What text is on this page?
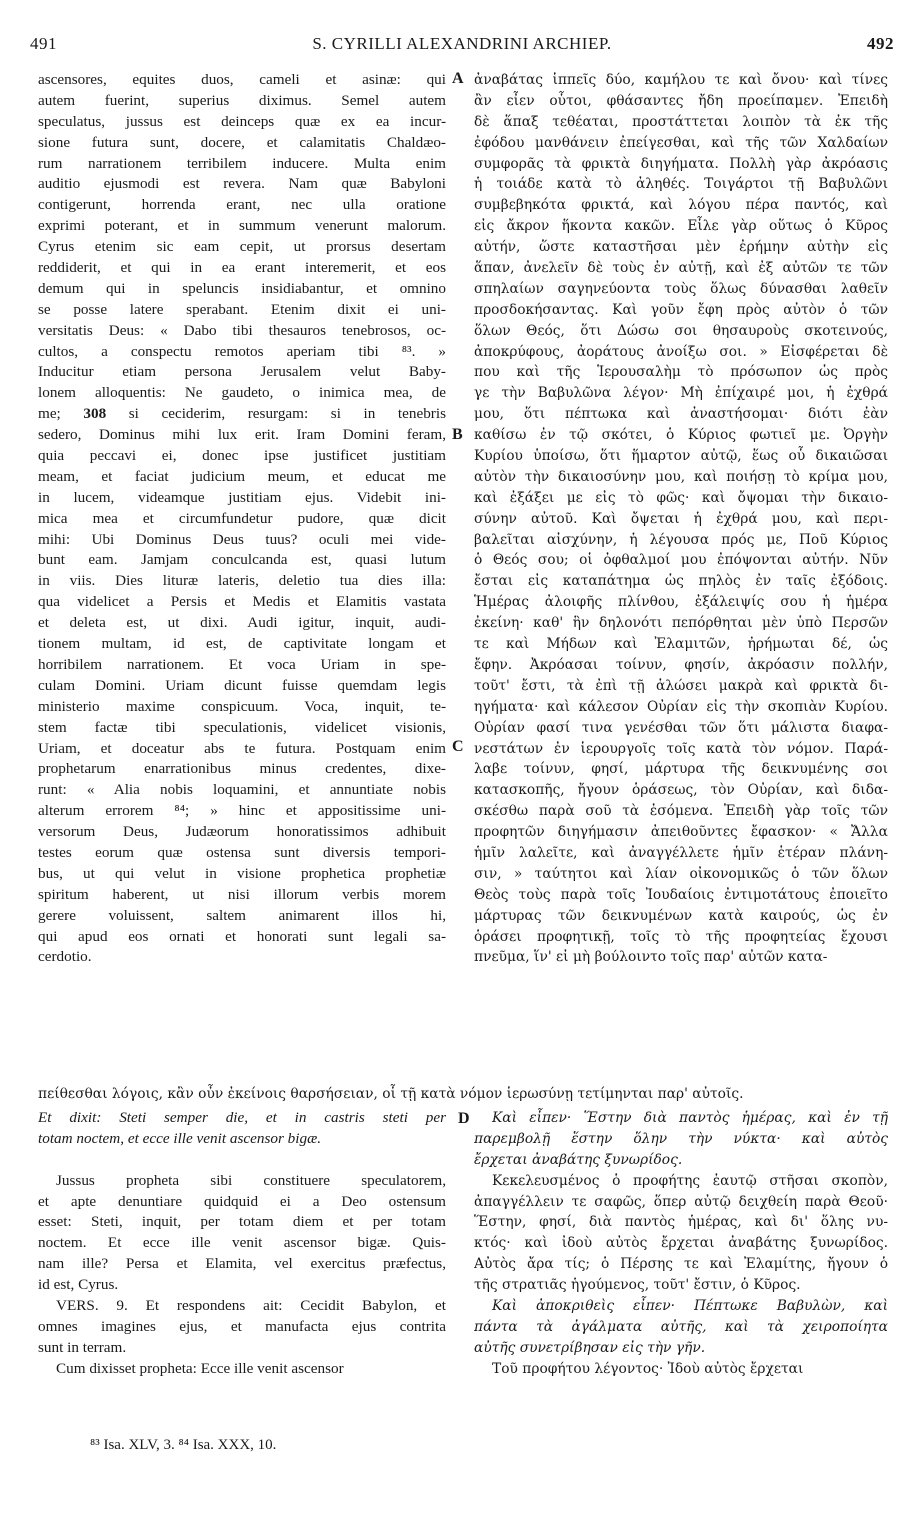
491	S. CYRILLI ALEXANDRINI ARCHIEP.	492
ascensores, equites duos, cameli et asinæ: qui
autem fuerint, superius diximus. Semel autem
speculatus, jussus est deinceps quæ ex ea incur-
sione futura sunt, docere, et calamitatis Chaldæo-
rum narrationem terribilem inducere. Multa enim
auditio ejusmodi est revera. Nam quæ Babyloni
contigerunt, horrenda erant, nec ulla oratione
exprimi poterant, et in summum venerunt malorum.
Cyrus etenim sic eam cepit, ut prorsus desertam
reddiderit, et qui in ea erant interemerit, et eos
demum qui in speluncis insidiabantur, et omnino
se posse latere sperabant. Etenim dixit ei uni-
versitatis Deus: « Dabo tibi thesauros tenebrosos, oc-
cultos, a conspectu remotos aperiam tibi ⁸³. »
Inducitur etiam persona Jerusalem velut Baby-
lonem alloquentis: Ne gaudeto, o inimica mea, de
me; 308 si ceciderim, resurgam: si in tenebris
sedero, Dominus mihi lux erit. Iram Domini feram,
quia peccavi ei, donec ipse justificet justitiam
meam, et faciat judicium meum, et educat me
in lucem, videamque justitiam ejus. Videbit ini-
mica mea et circumfundetur pudore, quæ dicit
mihi: Ubi Dominus Deus tuus? oculi mei vide-
bunt eam. Jamjam conculcanda est, quasi lutum
in viis. Dies lituræ lateris, deletio tua dies illa:
qua videlicet a Persis et Medis et Elamitis vastata
et deleta est, ut dixi. Audi igitur, inquit, audi-
tionem multam, id est, de captivitate longam et
horribilem narrationem. Et voca Uriam in spe-
culam Domini. Uriam dicunt fuisse quemdam legis
ministerio maxime conspicuum. Voca, inquit, te-
stem factæ tibi speculationis, videlicet visionis,
Uriam, et doceatur abs te futura. Postquam enim
prophetarum enarrationibus minus credentes, dixe-
runt: « Alia nobis loquamini, et annuntiate nobis
alterum errorem ⁸⁴; » hinc et appositissime uni-
versorum Deus, Judæorum honoratissimos adhibuit
testes eorum quæ ostensa sunt diversis tempori-
bus, ut qui velut in visione prophetica prophetiæ
spiritum haberent, ut nisi illorum verbis morem
gerere voluissent, saltem animarent illos hi,
qui apud eos ornati et honorati sunt legali sa-
cerdotio.
ἀναβάτας ἱππεῖς δύο, καμήλου τε καὶ ὄνου· καὶ τίνες
ἂν εἶεν οὗτοι, φθάσαντες ἤδη προείπαμεν. Ἐπειδὴ
δὲ ἅπαξ τεθέαται, προστάττεται λοιπὸν τὰ ἐκ τῆς
ἐφόδου μανθάνειν ἐπείγεσθαι, καὶ τῆς τῶν Χαλδαίων
συμφορᾶς τὰ φρικτὰ διηγήματα. Πολλὴ γὰρ ἀκρόασις
ἡ τοιάδε κατὰ τὸ ἀληθές. Τοιγάρτοι τῇ Βαβυλῶνι
συμβεβηκότα φρικτά, καὶ λόγου πέρα παντός, καὶ
εἰς ἄκρον ἥκοντα κακῶν. Εἷλε γὰρ οὕτως ὁ Κῦρος
αὐτήν, ὥστε καταστῆσαι μὲν ἐρήμην αὐτὴν εἰς
ἅπαν, ἀνελεῖν δὲ τοὺς ἐν αὐτῇ, καὶ ἐξ αὐτῶν τε τῶν
σπηλαίων σαγηνεύοντα τοὺς ὅλως δύνασθαι λαθεῖν
προσδοκήσαντας. Καὶ γοῦν ἔφη πρὸς αὐτὸν ὁ τῶν
ὅλων Θεός, ὅτι Δώσω σοι θησαυροὺς σκοτεινούς,
ἀποκρύφους, ἀοράτους ἀνοίξω σοι. » Εἰσφέρεται δὲ
που καὶ τῆς Ἱερουσαλὴμ τὸ πρόσωπον ὡς πρὸς
γε τὴν Βαβυλῶνα λέγον· Μὴ ἐπίχαιρέ μοι, ἡ ἐχθρά
μου, ὅτι πέπτωκα καὶ ἀναστήσομαι· διότι ἐὰν
καθίσω ἐν τῷ σκότει, ὁ Κύριος φωτιεῖ με. Ὀργὴν
Κυρίου ὑποίσω, ὅτι ἥμαρτον αὐτῷ, ἕως οὗ δικαιῶσαι
αὐτὸν τὴν δικαιοσύνην μου, καὶ ποιήσῃ τὸ κρίμα μου,
καὶ ἐξάξει με εἰς τὸ φῶς· καὶ ὄψομαι τὴν δικαιο-
σύνην αὐτοῦ. Καὶ ὄψεται ἡ ἐχθρά μου, καὶ περι-
βαλεῖται αἰσχύνην, ἡ λέγουσα πρός με, Ποῦ Κύριος
ὁ Θεός σου; οἱ ὀφθαλμοί μου ἐπόψονται αὐτήν. Νῦν
ἔσται εἰς καταπάτημα ὡς πηλὸς ἐν ταῖς ἐξόδοις.
Ἡμέρας ἀλοιφῆς πλίνθου, ἐξάλειψίς σου ἡ ἡμέρα
ἐκείνη· καθ' ἣν δηλονότι πεπόρθηται μὲν ὑπὸ Περσῶν
τε καὶ Μήδων καὶ Ἐλαμιτῶν, ἠρήμωται δέ, ὡς
ἔφην. Ἀκρόασαι τοίνυν, φησίν, ἀκρόασιν πολλήν,
τοῦτ' ἔστι, τὰ ἐπὶ τῇ ἁλώσει μακρὰ καὶ φρικτὰ δι-
ηγήματα· καὶ κάλεσον Οὐρίαν εἰς τὴν σκοπιὰν Κυρίου.
Οὐρίαν φασί τινα γενέσθαι τῶν ὅτι μάλιστα διαφα-
νεστάτων ἐν ἱερουργοῖς τοῖς κατὰ τὸν νόμον. Παρά-
λαβε τοίνυν, φησί, μάρτυρα τῆς δεικνυμένης σοι
κατασκοπῆς, ἤγουν ὁράσεως, τὸν Οὐρίαν, καὶ διδα-
σκέσθω παρὰ σοῦ τὰ ἐσόμενα. Ἐπειδὴ γὰρ τοῖς τῶν
προφητῶν διηγήμασιν ἀπειθοῦντες ἔφασκον· « Ἄλλα
ἡμῖν λαλεῖτε, καὶ ἀναγγέλλετε ἡμῖν ἑτέραν πλάνη-
σιν, » ταύτητοι καὶ λίαν οἰκονομικῶς ὁ τῶν ὅλων
Θεὸς τοὺς παρὰ τοῖς Ἰουδαίοις ἐντιμοτάτους ἐποιεῖτο
μάρτυρας τῶν δεικνυμένων κατὰ καιρούς, ὡς ἐν
ὁράσει προφητικῇ, τοῖς τὸ τῆς προφητείας ἔχουσι
πνεῦμα, ἵν' εἰ μὴ βούλοιντο τοῖς παρ' αὐτῶν κατα-
A
B
C
D
πείθεσθαι λόγοις, κἂν οὖν ἐκείνοις θαρσήσειαν, οἷ τῇ κατὰ νόμον ἱερωσύνῃ τετίμηνται παρ' αὐτοῖς.
Et dixit: Steti semper die, et in castris steti per
totam noctem, et ecce ille venit ascensor bigæ.
Jussus propheta sibi constituere speculatorem,
et apte denuntiare quidquid ei a Deo ostensum
esset: Steti, inquit, per totam diem et per totam
noctem. Et ecce ille venit ascensor bigæ. Quis-
nam ille? Persa et Elamita, vel exercitus præfectus,
id est, Cyrus.
VERS. 9. Et respondens ait: Cecidit Babylon, et
omnes imagines ejus, et manufacta ejus contrita
sunt in terram.
Cum dixisset propheta: Ecce ille venit ascensor
Καὶ εἶπεν· Ἕστην διὰ παντὸς ἡμέρας, καὶ ἐν τῇ
παρεμβολῇ ἕστην ὅλην τὴν νύκτα· καὶ αὐτὸς
ἔρχεται ἀναβάτης ξυνωρίδος.
Κεκελευσμένος ὁ προφήτης ἑαυτῷ στῆσαι σκοπὸν,
ἀπαγγέλλειν τε σαφῶς, ὅπερ αὐτῷ δειχθείη παρὰ Θεοῦ·
Ἕστην, φησί, διὰ παντὸς ἡμέρας, καὶ δι' ὅλης νυ-
κτός· καὶ ἰδοὺ αὐτὸς ἔρχεται ἀναβάτης ξυνωρίδος.
Αὐτὸς ἄρα τίς; ὁ Πέρσης τε καὶ Ἐλαμίτης, ἤγουν ὁ
τῆς στρατιᾶς ἡγούμενος, τοῦτ' ἔστιν, ὁ Κῦρος.
Καὶ ἀποκριθεὶς εἶπεν· Πέπτωκε Βαβυλὼν, καὶ
πάντα τὰ ἀγάλματα αὐτῆς, καὶ τὰ χειροποίητα
αὐτῆς συνετρίβησαν εἰς τὴν γῆν.
Τοῦ προφήτου λέγοντος· Ἰδοὺ αὐτὸς ἔρχεται
⁸³ Isa. XLV, 3. ⁸⁴ Isa. XXX, 10.
